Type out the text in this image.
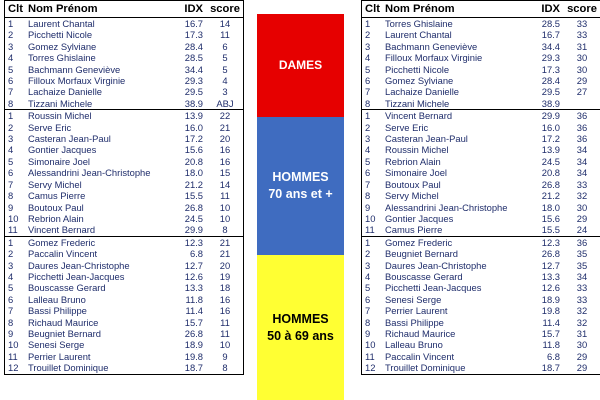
Clt	Nom Prénom	IDX	score
1	Laurent Chantal	16.7	14
2	Picchetti Nicole	17.3	11
3	Gomez Sylviane	28.4	6
4	Torres Ghislaine	28.5	5
5	Bachmann Geneviève	34.4	5
6	Filloux Morfaux Virginie	29.3	4
7	Lachaize Danielle	29.5	3
8	Tizzani Michele	38.9	ABJ
1	Roussin Michel	13.9	22
2	Serve Eric	16.0	21
3	Casteran Jean-Paul	17.2	20
4	Gontier Jacques	15.6	16
5	Simonaire Joel	20.8	16
6	Alessandrini Jean-Christophe	18.0	15
7	Servy Michel	21.2	14
8	Camus Pierre	15.5	11
9	Boutoux Paul	26.8	10
10	Rebrion Alain	24.5	10
11	Vincent Bernard	29.9	8
1	Gomez Frederic	12.3	21
2	Paccalin Vincent	6.8	21
3	Daures Jean-Christophe	12.7	20
4	Picchetti Jean-Jacques	12.6	19
5	Bouscasse Gerard	13.3	18
6	Lalleau Bruno	11.8	16
7	Bassi Philippe	11.4	16
8	Richaud Maurice	15.7	11
9	Beugniet Bernard	26.8	11
10	Senesi Serge	18.9	10
11	Perrier Laurent	19.8	9
12	Trouillet Dominique	18.7	8
DAMES
HOMMES
70 ans et +
HOMMES
50 à 69 ans
Clt	Nom Prénom	IDX	score
1	Torres Ghislaine	28.5	33
2	Laurent Chantal	16.7	33
3	Bachmann Geneviève	34.4	31
4	Filloux Morfaux Virginie	29.3	30
5	Picchetti Nicole	17.3	30
6	Gomez Sylviane	28.4	29
7	Lachaize Danielle	29.5	27
8	Tizzani Michele	38.9	
1	Vincent Bernard	29.9	36
2	Serve Eric	16.0	36
3	Casteran Jean-Paul	17.2	36
4	Roussin Michel	13.9	34
5	Rebrion Alain	24.5	34
6	Simonaire Joel	20.8	34
7	Boutoux Paul	26.8	33
8	Servy Michel	21.2	32
9	Alessandrini Jean-Christophe	18.0	30
10	Gontier Jacques	15.6	29
11	Camus Pierre	15.5	24
1	Gomez Frederic	12.3	36
2	Beugniet Bernard	26.8	35
3	Daures Jean-Christophe	12.7	35
4	Bouscasse Gerard	13.3	34
5	Picchetti Jean-Jacques	12.6	33
6	Senesi Serge	18.9	33
7	Perrier Laurent	19.8	32
8	Bassi Philippe	11.4	32
9	Richaud Maurice	15.7	31
10	Lalleau Bruno	11.8	30
11	Paccalin Vincent	6.8	29
12	Trouillet Dominique	18.7	29
